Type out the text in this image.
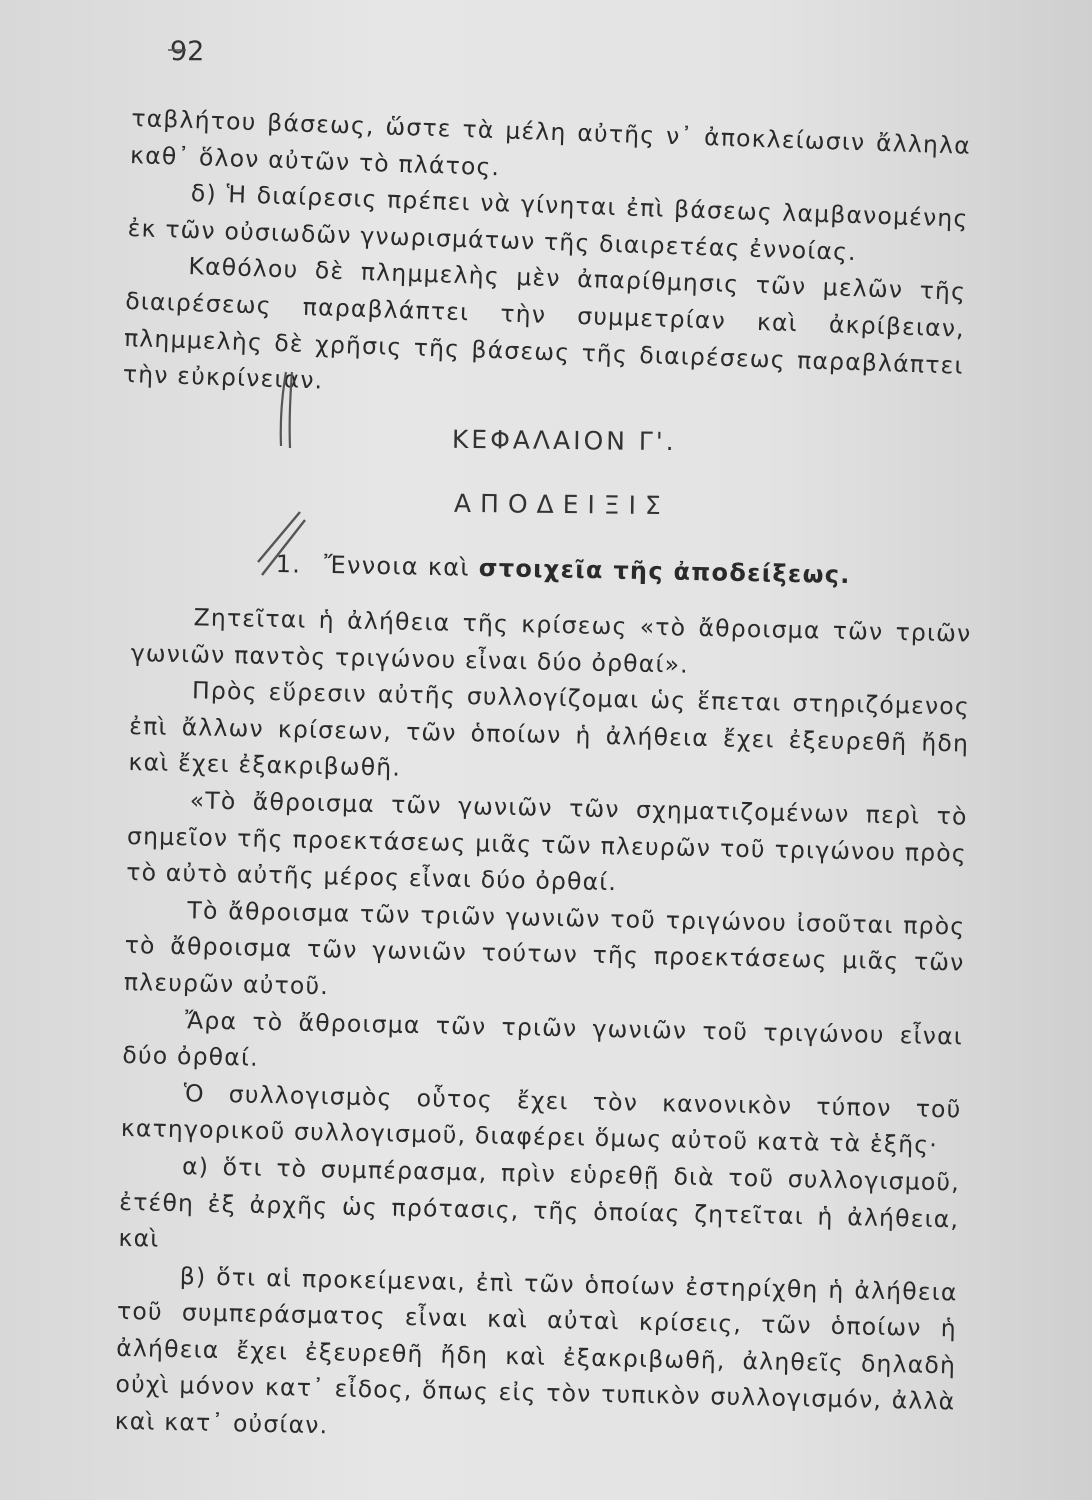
92

ταβλήτου βάσεως, ὥστε τὰ μέλη αὐτῆς ν᾽ ἀποκλείωσιν ἄλληλα καθ᾽ ὅλον αὐτῶν τὸ πλάτος.

δ) Ἡ διαίρεσις πρέπει νὰ γίνηται ἐπὶ βάσεως λαμβανομένης ἐκ τῶν οὐσιωδῶν γνωρισμάτων τῆς διαιρετέας ἐννοίας.

Καθόλου δὲ πλημμελὴς μὲν ἀπαρίθμησις τῶν μελῶν τῆς διαιρέσεως παραβλάπτει τὴν συμμετρίαν καὶ ἀκρίβειαν, πλημμελὴς δὲ χρῆσις τῆς βάσεως τῆς διαιρέσεως παραβλάπτει τὴν εὐκρίνειαν.

ΚΕΦΑΛΑΙΟΝ Γ'.
ΑΠΟΔΕΙΞΙΣ
1. Ἔννοια καὶ στοιχεῖα τῆς ἀποδείξεως.

Ζητεῖται ἡ ἀλήθεια τῆς κρίσεως «τὸ ἄθροισμα τῶν τριῶν γωνιῶν παντὸς τριγώνου εἶναι δύο ὀρθαί».

Πρὸς εὕρεσιν αὐτῆς συλλογίζομαι ὡς ἕπεται στηριζόμενος ἐπὶ ἄλλων κρίσεων, τῶν ὁποίων ἡ ἀλήθεια ἔχει ἐξευρεθῆ ἤδη καὶ ἔχει ἐξακριβωθῆ.

«Τὸ ἄθροισμα τῶν γωνιῶν τῶν σχηματιζομένων περὶ τὸ σημεῖον τῆς προεκτάσεως μιᾶς τῶν πλευρῶν τοῦ τριγώνου πρὸς τὸ αὐτὸ αὐτῆς μέρος εἶναι δύο ὀρθαί.

Τὸ ἄθροισμα τῶν τριῶν γωνιῶν τοῦ τριγώνου ἰσοῦται πρὸς τὸ ἄθροισμα τῶν γωνιῶν τούτων τῆς προεκτάσεως μιᾶς τῶν πλευρῶν αὐτοῦ.

Ἄρα τὸ ἄθροισμα τῶν τριῶν γωνιῶν τοῦ τριγώνου εἶναι δύο ὀρθαί.

Ὁ συλλογισμὸς οὗτος ἔχει τὸν κανονικὸν τύπον τοῦ κατηγορικοῦ συλλογισμοῦ, διαφέρει ὅμως αὐτοῦ κατὰ τὰ ἑξῆς·

α) ὅτι τὸ συμπέρασμα, πρὶν εὑρεθῇ διὰ τοῦ συλλογισμοῦ, ἐτέθη ἐξ ἀρχῆς ὡς πρότασις, τῆς ὁποίας ζητεῖται ἡ ἀλήθεια, καὶ

β) ὅτι αἱ προκείμεναι, ἐπὶ τῶν ὁποίων ἐστηρίχθη ἡ ἀλήθεια τοῦ συμπεράσματος εἶναι καὶ αὐταὶ κρίσεις, τῶν ὁποίων ἡ ἀλήθεια ἔχει ἐξευρεθῆ ἤδη καὶ ἐξακριβωθῆ, ἀληθεῖς δηλαδὴ οὐχὶ μόνον κατ᾽ εἶδος, ὅπως εἰς τὸν τυπικὸν συλλογισμόν, ἀλλὰ καὶ κατ᾽ οὐσίαν.
